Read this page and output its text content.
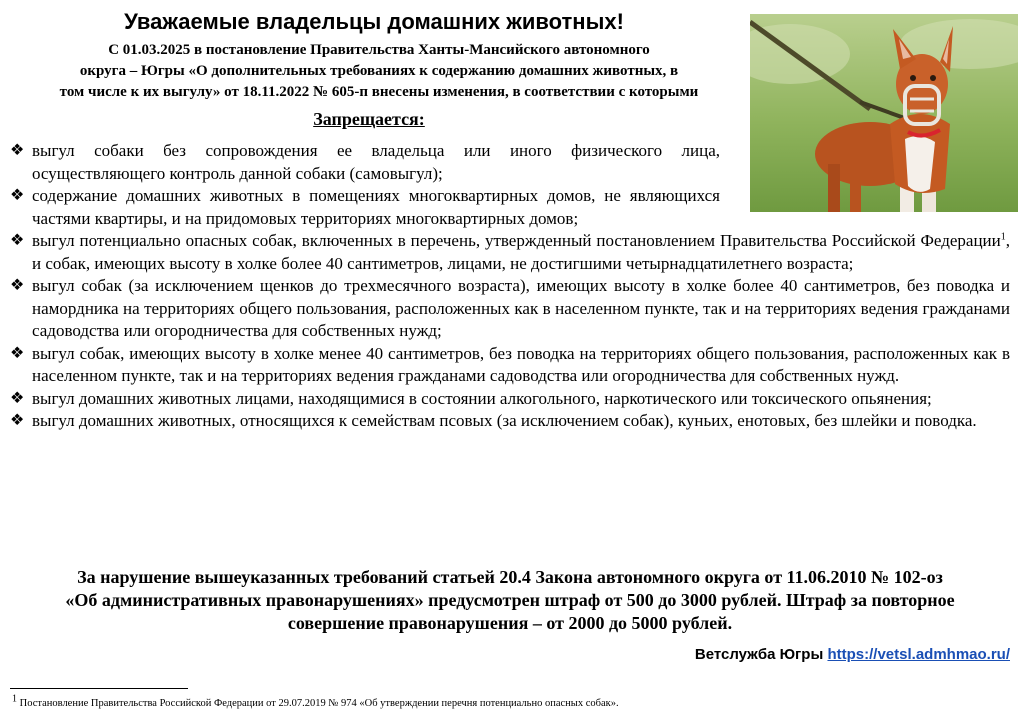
Уважаемые владельцы домашних животных!
С 01.03.2025 в постановление Правительства Ханты-Мансийского автономного
округа – Югры «О дополнительных требованиях к содержанию домашних животных, в
том числе к их выгулу» от 18.11.2022 № 605-п внесены изменения, в соответствии с которыми
Запрещается:
❖ выгул собаки без сопровождения ее владельца или иного физического лица, осуществляющего контроль данной собаки (самовыгул);
❖ содержание домашних животных в помещениях многоквартирных домов, не являющихся частями квартиры, и на придомовых территориях многоквартирных домов;
❖ выгул потенциально опасных собак, включенных в перечень, утвержденный постановлением Правительства Российской Федерации$^1$, и собак, имеющих высоту в холке более 40 сантиметров, лицами, не достигшими четырнадцатилетнего возраста;
❖ выгул собак (за исключением щенков до трехмесячного возраста), имеющих высоту в холке более 40 сантиметров, без поводка и намордника на территориях общего пользования, расположенных как в населенном пункте, так и на территориях ведения гражданами садоводства или огородничества для собственных нужд;
❖ выгул собак, имеющих высоту в холке менее 40 сантиметров, без поводка на территориях общего пользования, расположенных как в населенном пункте, так и на территориях ведения гражданами садоводства или огородничества для собственных нужд.
❖ выгул домашних животных лицами, находящимися в состоянии алкогольного, наркотического или токсического опьянения;
❖ выгул домашних животных, относящихся к семействам псовых (за исключением собак), куньих, енотовых, без шлейки и поводка.
За нарушение вышеуказанных требований статьей 20.4 Закона автономного округа от 11.06.2010 № 102-оз
«Об административных правонарушениях» предусмотрен штраф от 500 до 3000 рублей. Штраф за повторное
совершение правонарушения – от 2000 до 5000 рублей.
Ветслужба Югры https://vetsl.admhmao.ru/
$^1$ Постановление Правительства Российской Федерации от 29.07.2019 № 974 «Об утверждении перечня потенциально опасных собак».
